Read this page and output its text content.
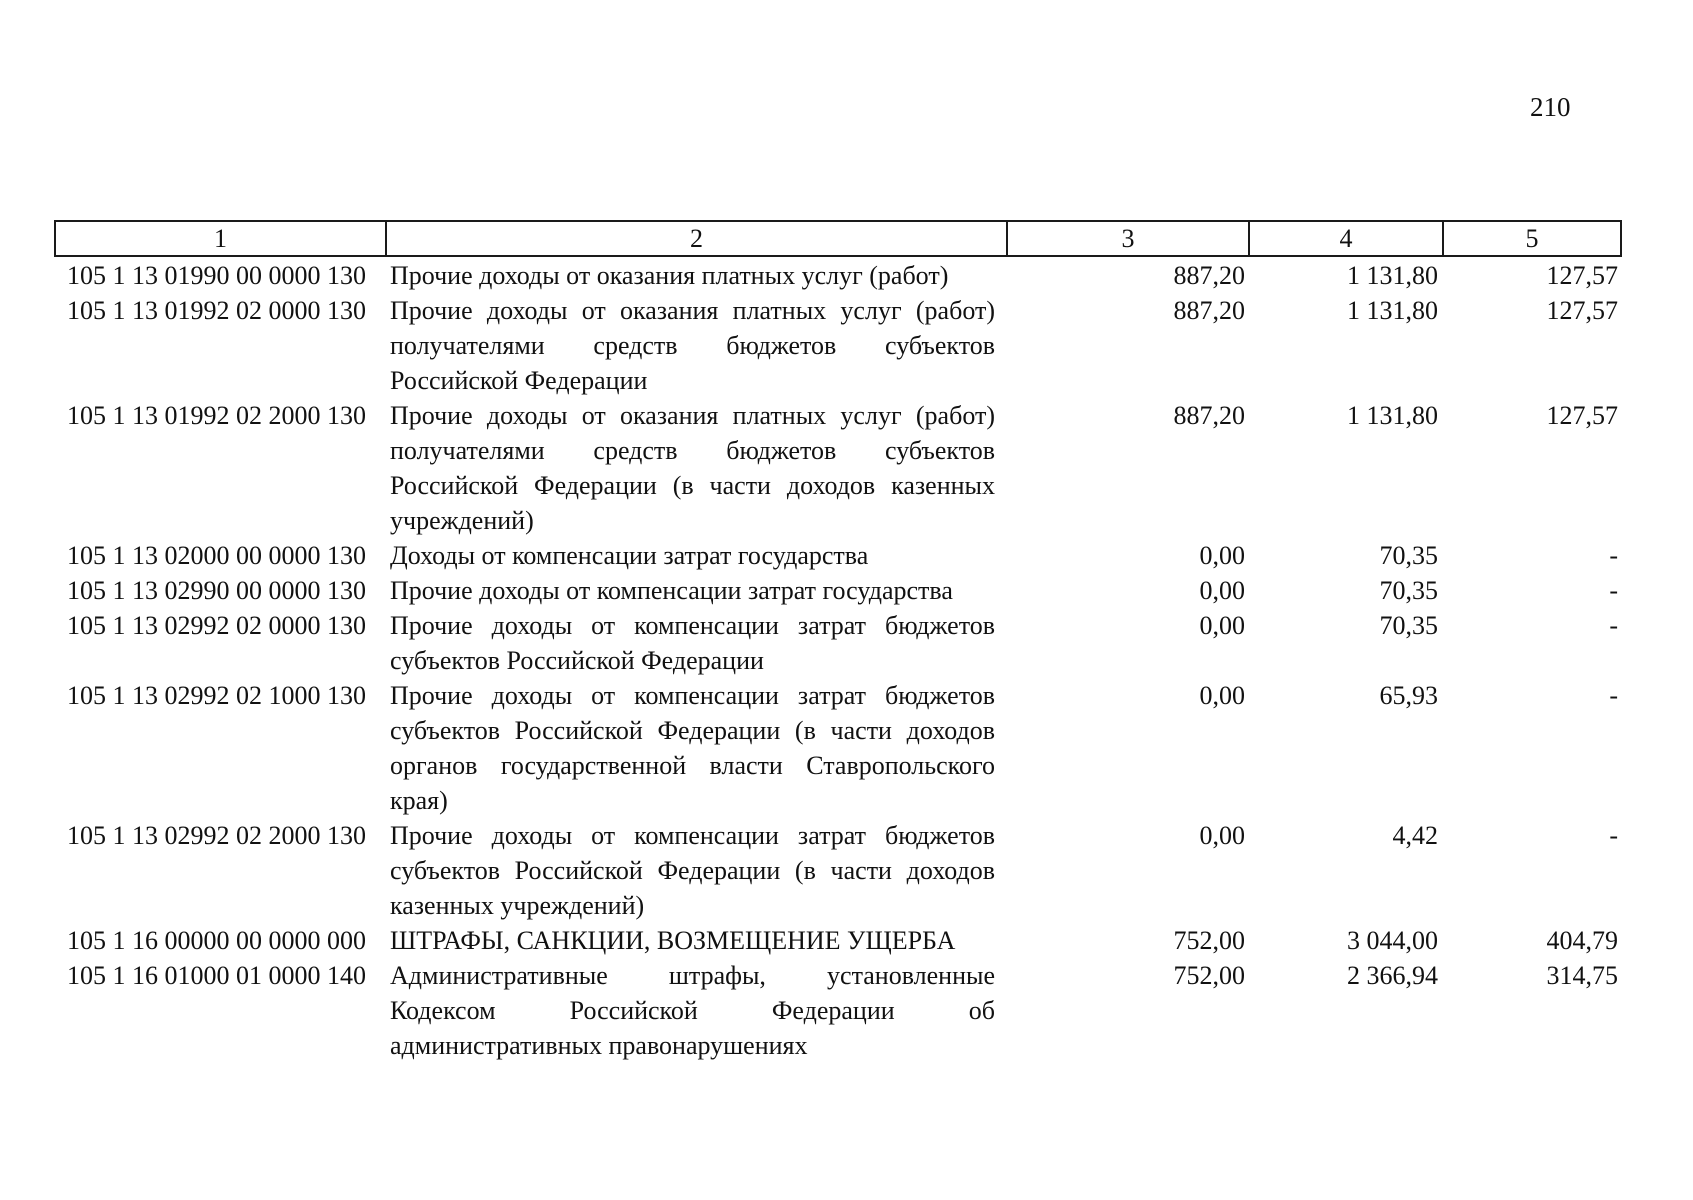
210
1	2	3	4	5
105 1 13 01990 00 0000 130	Прочие доходы от оказания платных услуг (работ)	887,20	1 131,80	127,57
105 1 13 01992 02 0000 130	Прочие доходы от оказания платных услуг (работ) получателями средств бюджетов субъектов Российской Федерации	887,20	1 131,80	127,57
105 1 13 01992 02 2000 130	Прочие доходы от оказания платных услуг (работ) получателями средств бюджетов субъектов Российской Федерации (в части доходов казенных учреждений)	887,20	1 131,80	127,57
105 1 13 02000 00 0000 130	Доходы от компенсации затрат государства	0,00	70,35	-
105 1 13 02990 00 0000 130	Прочие доходы от компенсации затрат государства	0,00	70,35	-
105 1 13 02992 02 0000 130	Прочие доходы от компенсации затрат бюджетов субъектов Российской Федерации	0,00	70,35	-
105 1 13 02992 02 1000 130	Прочие доходы от компенсации затрат бюджетов субъектов Российской Федерации (в части доходов органов государственной власти Ставропольского края)	0,00	65,93	-
105 1 13 02992 02 2000 130	Прочие доходы от компенсации затрат бюджетов субъектов Российской Федерации (в части доходов казенных учреждений)	0,00	4,42	-
105 1 16 00000 00 0000 000	ШТРАФЫ, САНКЦИИ, ВОЗМЕЩЕНИЕ УЩЕРБА	752,00	3 044,00	404,79
105 1 16 01000 01 0000 140	Административные штрафы, установленные Кодексом Российской Федерации об административных правонарушениях	752,00	2 366,94	314,75
